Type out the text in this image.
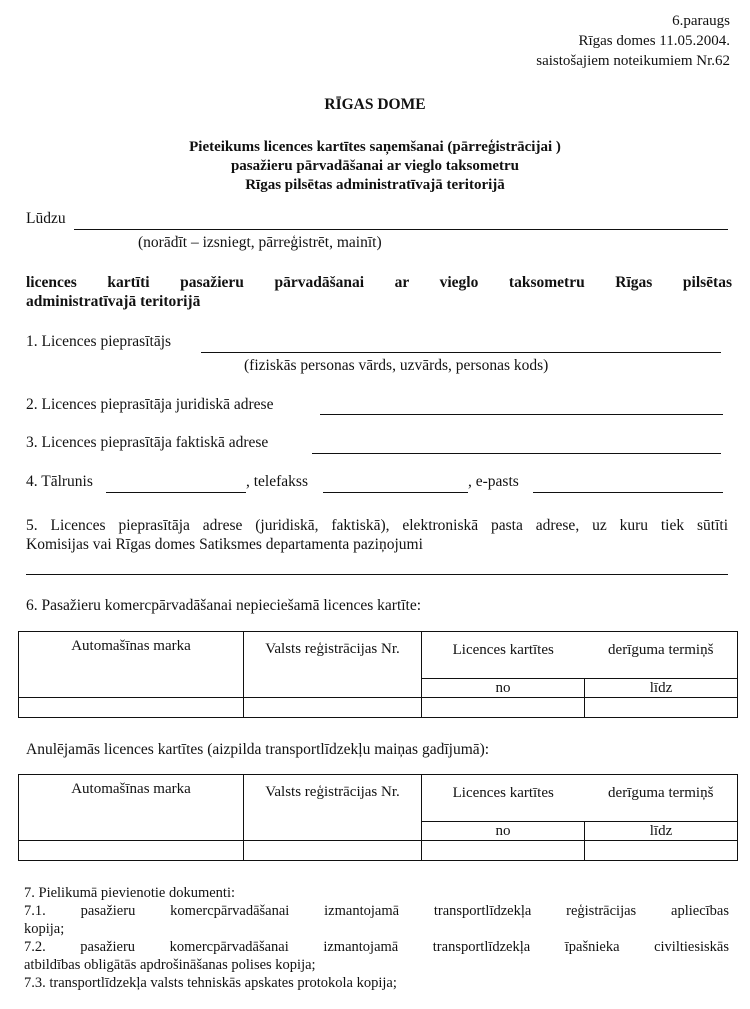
6.paraugs
Rīgas domes 11.05.2004.
saistošajiem noteikumiem Nr.62
RĪGAS DOME
Pieteikums licences kartītes saņemšanai (pārreģistrācijai )
pasažieru pārvadāšanai ar vieglo taksometru
Rīgas pilsētas administratīvajā teritorijā
Lūdzu
(norādīt – izsniegt, pārreģistrēt, mainīt)
licences kartīti pasažieru pārvadāšanai ar vieglo taksometru Rīgas pilsētas
administratīvajā teritorijā
1. Licences pieprasītājs
(fiziskās personas vārds, uzvārds, personas kods)
2. Licences pieprasītāja juridiskā adrese
3. Licences pieprasītāja faktiskā adrese
4. Tālrunis	, telefakss	, e-pasts
5. Licences pieprasītāja adrese (juridiskā, faktiskā), elektroniskā pasta adrese, uz kuru tiek sūtīti
Komisijas vai Rīgas domes Satiksmes departamenta paziņojumi
6. Pasažieru komercpārvadāšanai nepieciešamā licences kartīte:
Automašīnas marka	Valsts reģistrācijas Nr.	Licences kartītes	derīguma termiņš
		no	līdz

Anulējamās licences kartītes (aizpilda transportlīdzekļu maiņas gadījumā):
Automašīnas marka	Valsts reģistrācijas Nr.	Licences kartītes	derīguma termiņš
		no	līdz

7. Pielikumā pievienotie dokumenti:
7.1. pasažieru komercpārvadāšanai izmantojamā transportlīdzekļa reģistrācijas apliecības
kopija;
7.2. pasažieru komercpārvadāšanai izmantojamā transportlīdzekļa īpašnieka civiltiesiskās
atbildības obligātās apdrošināšanas polises kopija;
7.3. transportlīdzekļa valsts tehniskās apskates protokola kopija;
